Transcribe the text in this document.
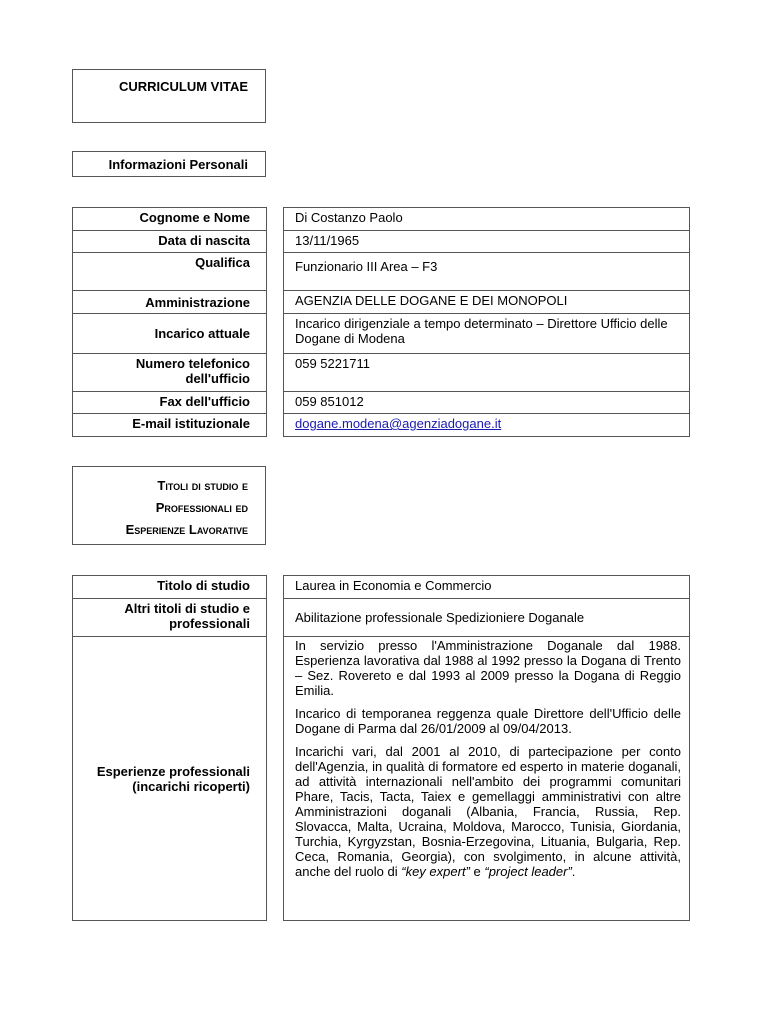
CURRICULUM VITAE
Informazioni Personali
Cognome e Nome		Di Costanzo Paolo
Data di nascita		13/11/1965
Qualifica		Funzionario III Area – F3
Amministrazione		AGENZIA DELLE DOGANE E DEI MONOPOLI
Incarico attuale		Incarico dirigenziale a tempo determinato – Direttore Ufficio delle Dogane di Modena
Numero telefonico dell'ufficio		059 5221711
Fax dell'ufficio		059 851012
E-mail istituzionale		dogane.modena@agenziadogane.it
Titoli di studio e
Professionali ed
Esperienze Lavorative
Titolo di studio		Laurea in Economia e Commercio
Altri titoli di studio e professionali		Abilitazione professionale Spedizioniere Doganale
Esperienze professionali (incarichi ricoperti)		In servizio presso l'Amministrazione Doganale dal 1988. Esperienza lavorativa dal 1988 al 1992 presso la Dogana di Trento – Sez. Rovereto e dal 1993 al 2009 presso la Dogana di Reggio Emilia.

Incarico di temporanea reggenza quale Direttore dell'Ufficio delle Dogane di Parma dal 26/01/2009 al 09/04/2013.

Incarichi vari, dal 2001 al 2010, di partecipazione per conto dell'Agenzia, in qualità di formatore ed esperto in materie doganali, ad attività internazionali nell'ambito dei programmi comunitari Phare, Tacis, Tacta, Taiex e gemellaggi amministrativi con altre Amministrazioni doganali (Albania, Francia, Russia, Rep. Slovacca, Malta, Ucraina, Moldova, Marocco, Tunisia, Giordania, Turchia, Kyrgyzstan, Bosnia-Erzegovina, Lituania, Bulgaria, Rep. Ceca, Romania, Georgia), con svolgimento, in alcune attività, anche del ruolo di “key expert” e “project leader”.
